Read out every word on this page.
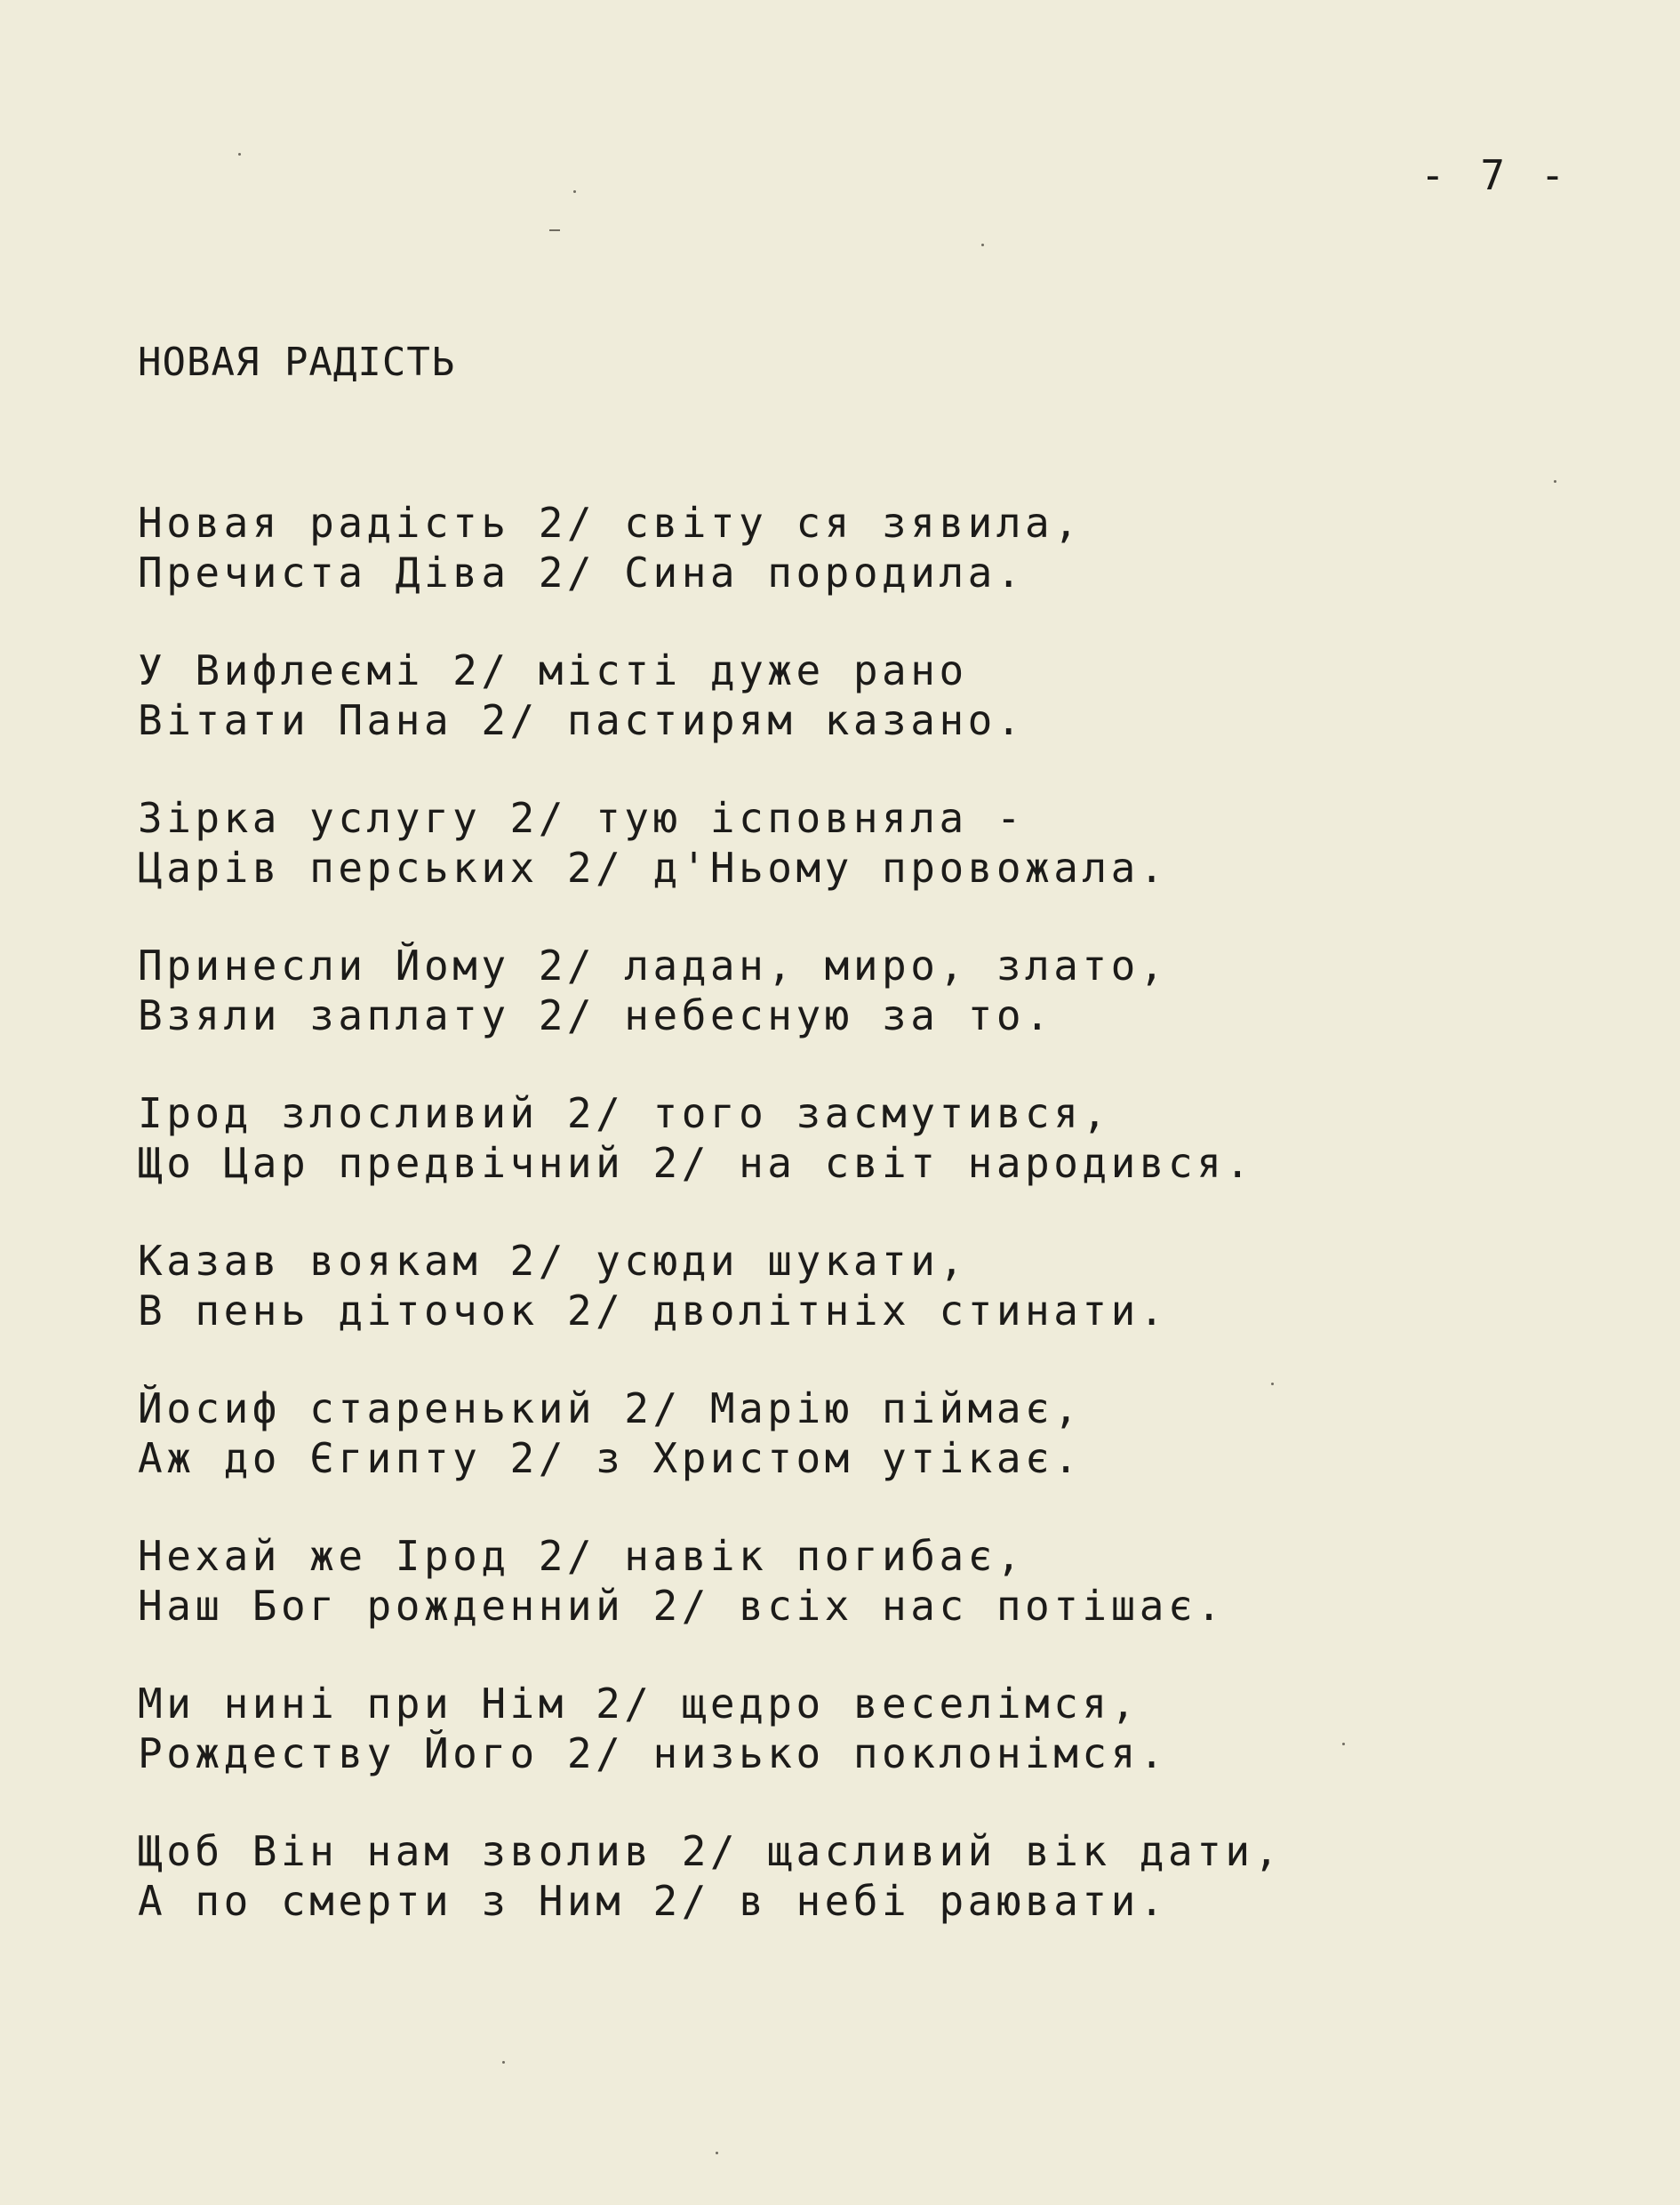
- 7 -
НОВАЯ РАДІСТЬ
Новая радість 2/ світу ся зявила,
Пречиста Діва 2/ Сина породила.
У Вифлеємі 2/ місті дуже рано
Вітати Пана 2/ пастирям казано.
Зірка услугу 2/ тую ісповняла -
Царів перських 2/ д'Ньому провожала.
Принесли Йому 2/ ладан, миро, злато,
Взяли заплату 2/ небесную за то.
Ірод злосливий 2/ того засмутився,
Що Цар предвічний 2/ на світ народився.
Казав воякам 2/ усюди шукати,
В пень діточок 2/ дволітніх стинати.
Йосиф старенький 2/ Марію піймає,
Аж до Єгипту 2/ з Христом утікає.
Нехай же Ірод 2/ навік погибає,
Наш Бог рожденний 2/ всіх нас потішає.
Ми нині при Нім 2/ щедро веселімся,
Рождеству Його 2/ низько поклонімся.
Щоб Він нам зволив 2/ щасливий вік дати,
А по смерти з Ним 2/ в небі раювати.
